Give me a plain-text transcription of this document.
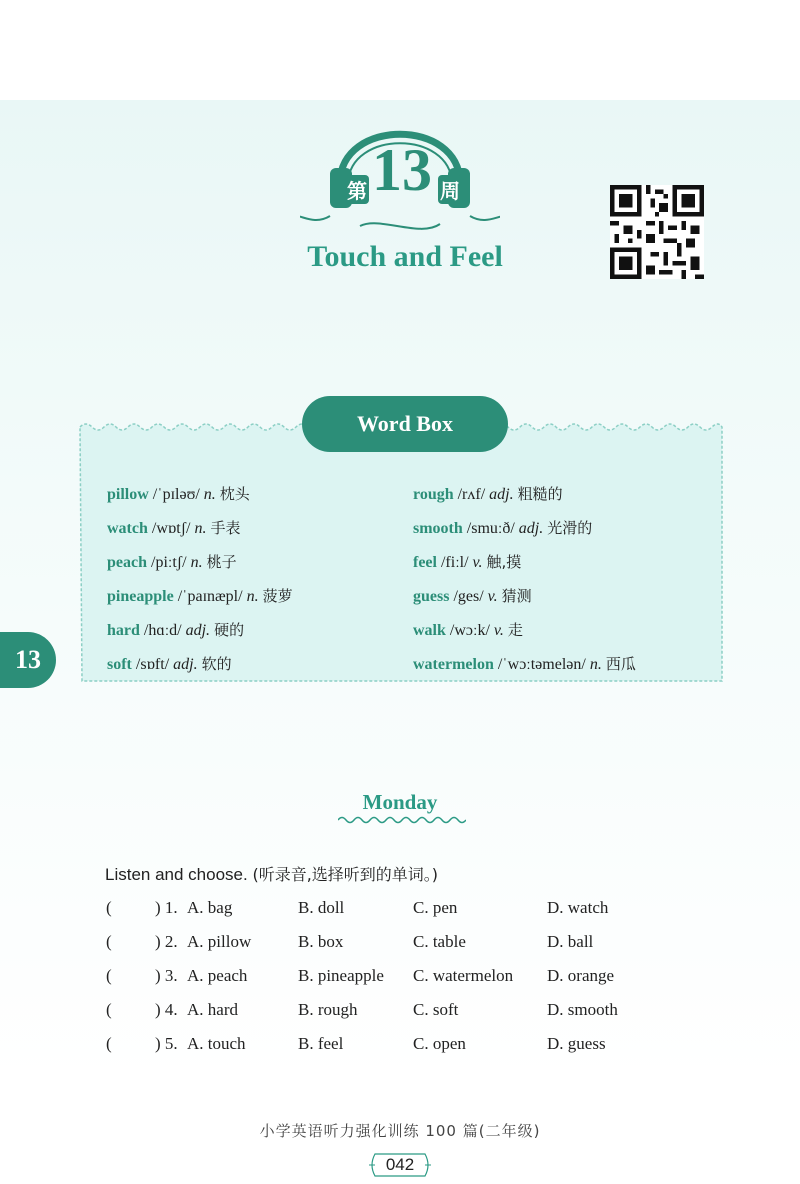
第 13 周
Touch and Feel
Word Box
pillow /ˈpɪləʊ/ n. 枕头
watch /wɒtʃ/ n. 手表
peach /piːtʃ/ n. 桃子
pineapple /ˈpaɪnæpl/ n. 菠萝
hard /hɑːd/ adj. 硬的
soft /sɒft/ adj. 软的
rough /rʌf/ adj. 粗糙的
smooth /smuːð/ adj. 光滑的
feel /fiːl/ v. 触,摸
guess /ges/ v. 猜测
walk /wɔːk/ v. 走
watermelon /ˈwɔːtəmelən/ n. 西瓜
13
Monday
Listen and choose. (听录音,选择听到的单词。)
(	) 1. A. bag	B. doll	C. pen	D. watch
(	) 2. A. pillow	B. box	C. table	D. ball
(	) 3. A. peach	B. pineapple C. watermelon D. orange
(	) 4. A. hard	B. rough	C. soft	D. smooth
(	) 5. A. touch	B. feel	C. open	D. guess
小学英语听力强化训练 100 篇(二年级)
042
